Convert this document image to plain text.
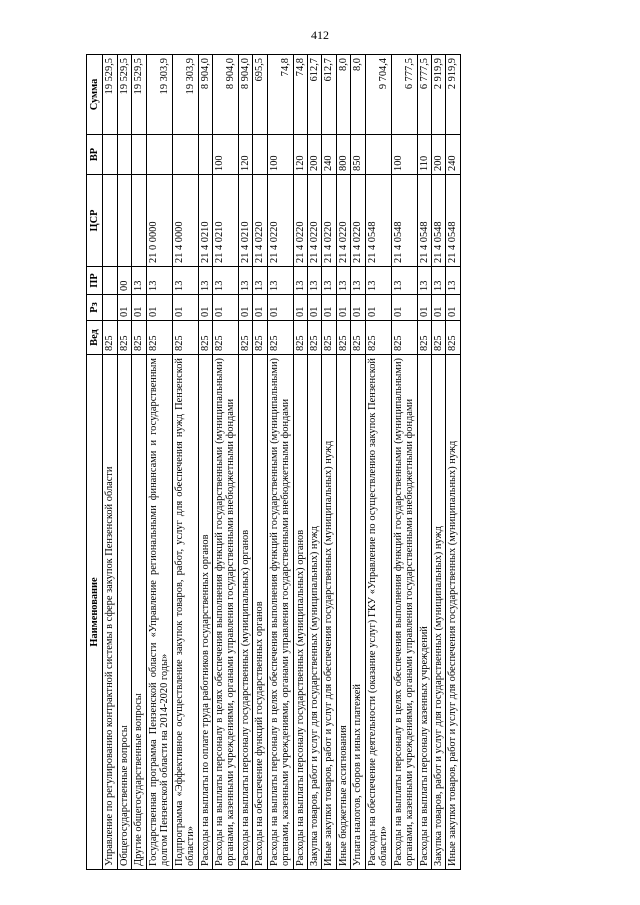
412
Наименование	Вед	Рз	ПР	ЦСР	ВР	Сумма
Управление по регулированию контрактной системы в сфере закупок Пензенской области	825					19 529,5
Общегосударственные вопросы	825	01	00			19 529,5
Другие общегосударственные вопросы	825	01	13			19 529,5
Государственная программа Пензенской области «Управление региональными финансами и государственным долгом Пензенской области на 2014-2020 годы»	825	01	13	21 0 0000		19 303,9
Подпрограмма «Эффективное осуществление закупок товаров, работ, услуг для обеспечения нужд Пензенской области»	825	01	13	21 4 0000		19 303,9
Расходы на выплаты по оплате труда работников государственных органов	825	01	13	21 4 0210		8 904,0
Расходы на выплаты персоналу в целях обеспечения выполнения функций государственными (муниципальными) органами, казенными учреждениями, органами управления государственными внебюджетными фондами	825	01	13	21 4 0210	100	8 904,0
Расходы на выплаты персоналу государственных (муниципальных) органов	825	01	13	21 4 0210	120	8 904,0
Расходы на обеспечение функций государственных органов	825	01	13	21 4 0220		695,5
Расходы на выплаты персоналу в целях обеспечения выполнения функций государственными (муниципальными) органами, казенными учреждениями, органами управления государственными внебюджетными фондами	825	01	13	21 4 0220	100	74,8
Расходы на выплаты персоналу государственных (муниципальных) органов	825	01	13	21 4 0220	120	74,8
Закупка товаров, работ и услуг для государственных (муниципальных) нужд	825	01	13	21 4 0220	200	612,7
Иные закупки товаров, работ и услуг для обеспечения государственных (муниципальных) нужд	825	01	13	21 4 0220	240	612,7
Иные бюджетные ассигнования	825	01	13	21 4 0220	800	8,0
Уплата налогов, сборов и иных платежей	825	01	13	21 4 0220	850	8,0
Расходы на обеспечение деятельности (оказание услуг) ГКУ «Управление по осуществлению закупок Пензенской области»	825	01	13	21 4 0548		9 704,4
Расходы на выплаты персоналу в целях обеспечения выполнения функций государственными (муниципальными) органами, казенными учреждениями, органами управления государственными внебюджетными фондами	825	01	13	21 4 0548	100	6 777,5
Расходы на выплаты персоналу казенных учреждений	825	01	13	21 4 0548	110	6 777,5
Закупка товаров, работ и услуг для государственных (муниципальных) нужд	825	01	13	21 4 0548	200	2 919,9
Иные закупки товаров, работ и услуг для обеспечения государственных (муниципальных) нужд	825	01	13	21 4 0548	240	2 919,9
